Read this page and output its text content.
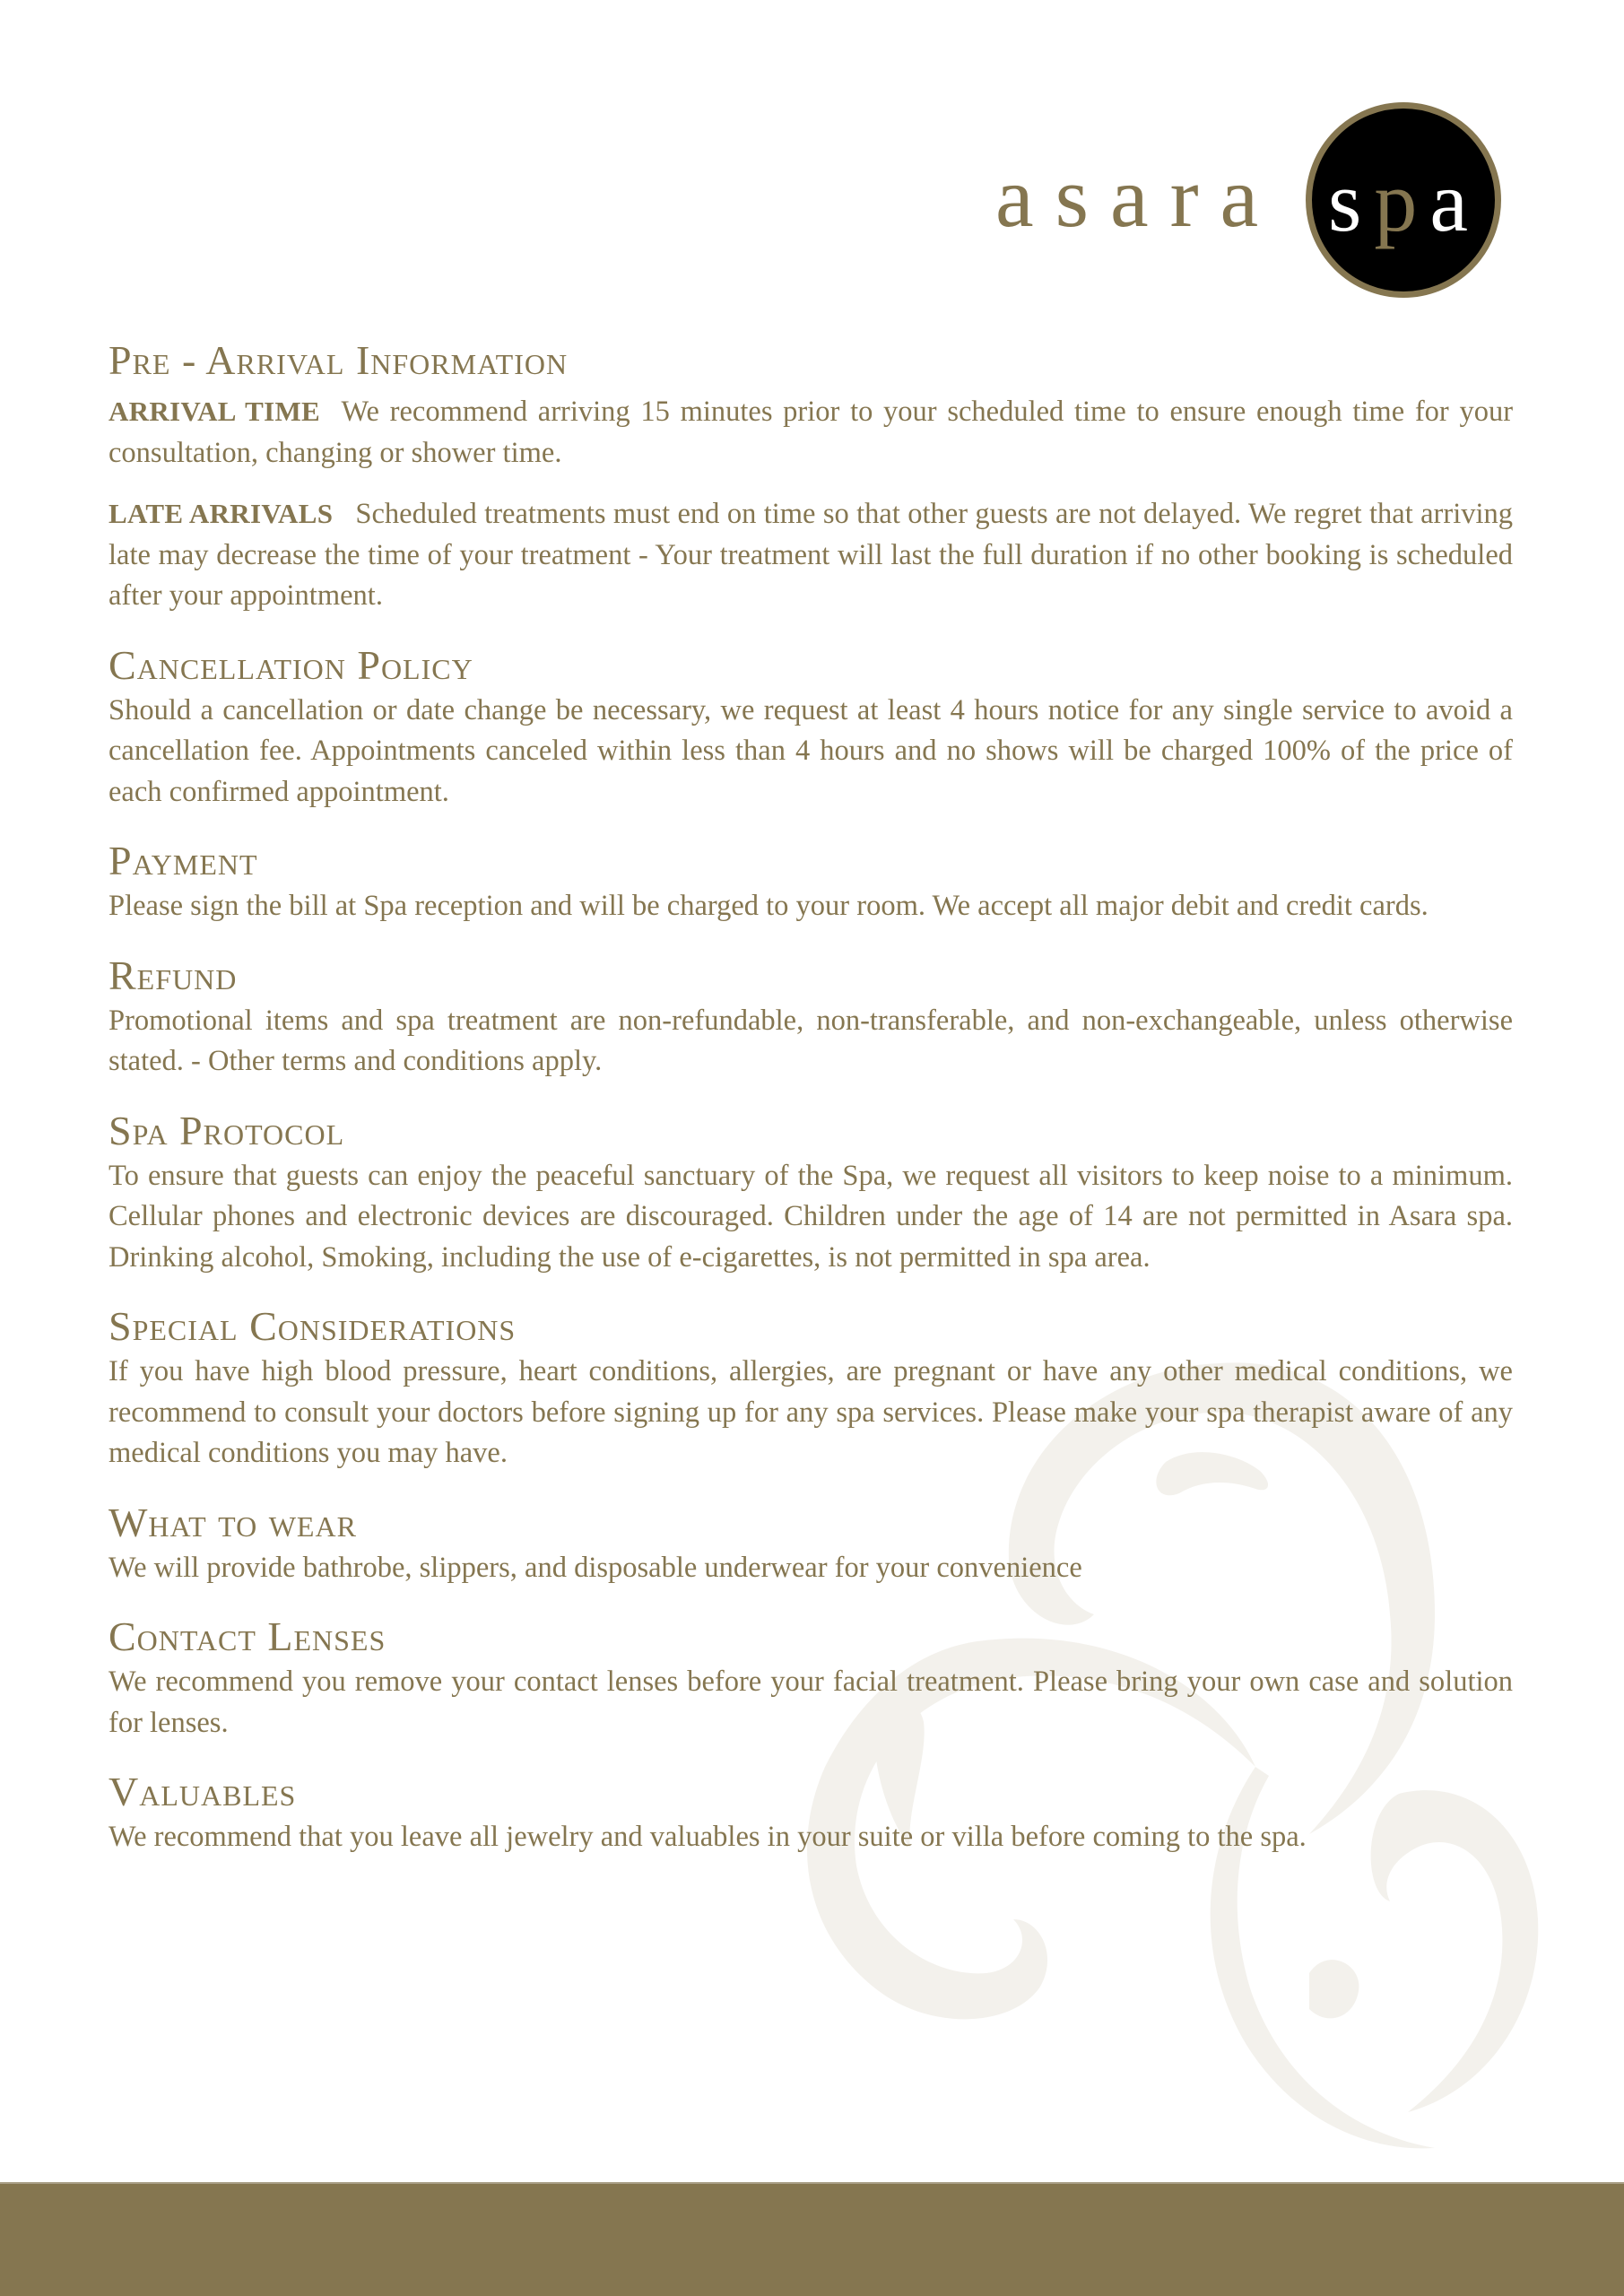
asara spa
Pre - Arrival Information

ARRIVAL TIME We recommend arriving 15 minutes prior to your scheduled time to ensure enough time for your consultation, changing or shower time.

LATE ARRIVALS Scheduled treatments must end on time so that other guests are not delayed. We regret that arriving late may decrease the time of your treatment - Your treatment will last the full duration if no other booking is scheduled after your appointment.

Cancellation Policy

Should a cancellation or date change be necessary, we request at least 4 hours notice for any single service to avoid a cancellation fee. Appointments canceled within less than 4 hours and no shows will be charged 100% of the price of each confirmed appointment.

Payment

Please sign the bill at Spa reception and will be charged to your room. We accept all major debit and credit cards.

Refund

Promotional items and spa treatment are non-refundable, non-transferable, and non-exchangeable, unless otherwise stated. - Other terms and conditions apply.

Spa Protocol

To ensure that guests can enjoy the peaceful sanctuary of the Spa, we request all visitors to keep noise to a minimum. Cellular phones and electronic devices are discouraged. Children under the age of 14 are not permitted in Asara spa. Drinking alcohol, Smoking, including the use of e-cigarettes, is not permitted in spa area.

Special Considerations

If you have high blood pressure, heart conditions, allergies, are pregnant or have any other medical conditions, we recommend to consult your doctors before signing up for any spa services. Please make your spa therapist aware of any medical conditions you may have.

What to wear

We will provide bathrobe, slippers, and disposable underwear for your convenience

Contact Lenses

We recommend you remove your contact lenses before your facial treatment. Please bring your own case and solution for lenses.

Valuables

We recommend that you leave all jewelry and valuables in your suite or villa before coming to the spa.
